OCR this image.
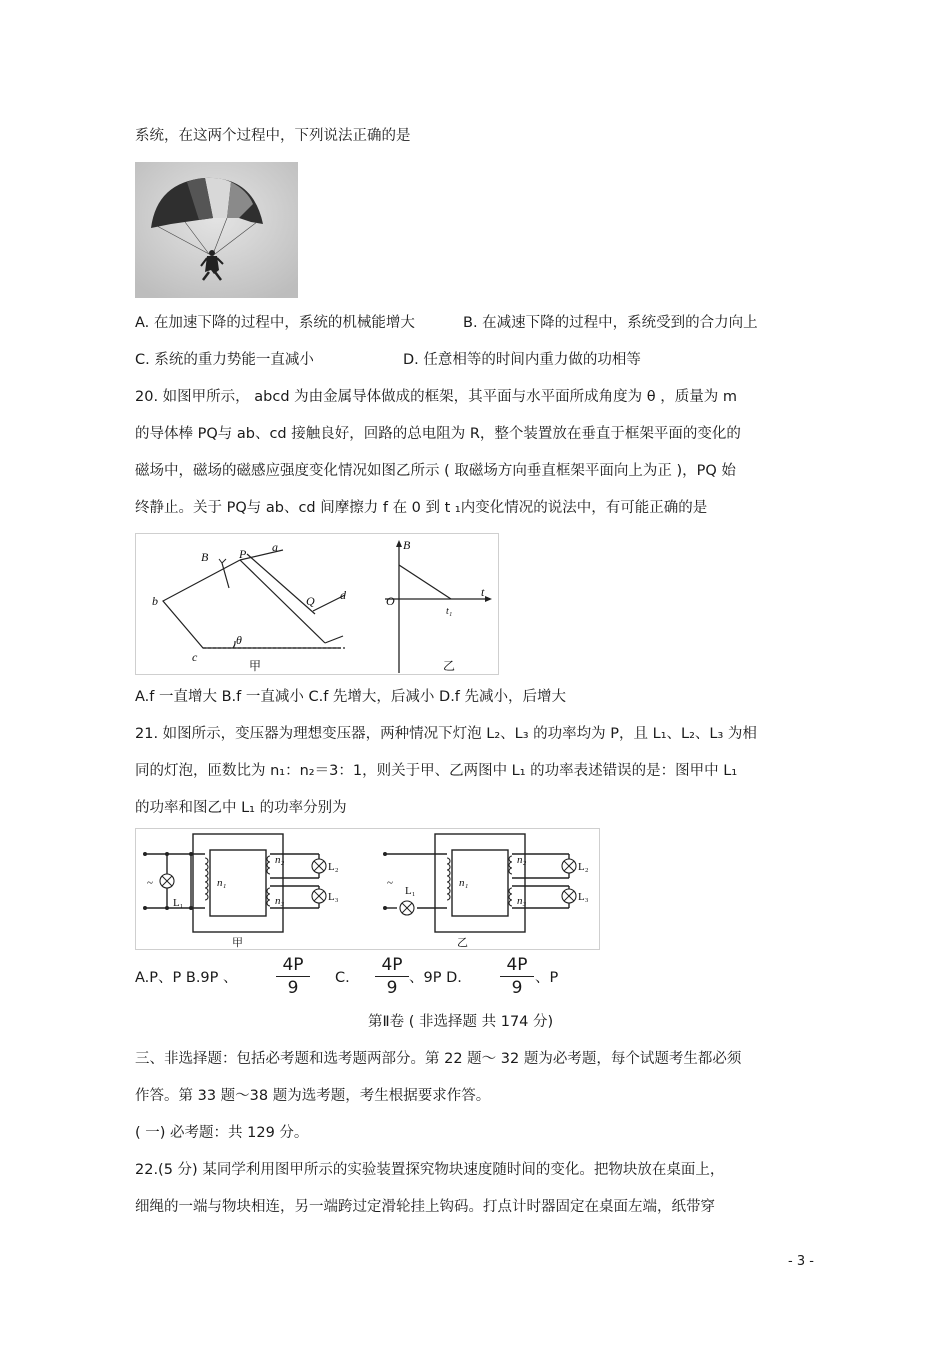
系统，在这两个过程中，下列说法正确的是
A. 在加速下降的过程中，系统的机械能增大	B. 在减速下降的过程中，系统受到的合力向上
C. 系统的重力势能一直减小	D. 任意相等的时间内重力做的功相等
20. 如图甲所示， abcd 为由金属导体做成的框架，其平面与水平面所成角度为 θ ，质量为 m
的导体棒 PQ与 ab、cd 接触良好，回路的总电阻为 R，整个装置放在垂直于框架平面的变化的
磁场中，磁场的磁感应强度变化情况如图乙所示 ( 取磁场方向垂直框架平面向上为正 )，PQ 始
终静止。关于 PQ与 ab、cd 间摩擦力 f 在 0 到 t ₁内变化情况的说法中，有可能正确的是
B	P a
b
c
d
Q
θ
甲
B
O
t
t₁
乙
A.f 一直增大 B.f 一直减小 C.f 先增大，后减小 D.f 先减小，后增大
21. 如图所示，变压器为理想变压器，两种情况下灯泡 L₂、L₃ 的功率均为 P，且 L₁、L₂、L₃ 为相
同的灯泡，匝数比为 n₁：n₂＝3：1，则关于甲、乙两图中 L₁ 的功率表述错误的是：图甲中 L₁
的功率和图乙中 L₁ 的功率分别为
~
L₁
n₁
n₂
n₃
L₂
L₃
甲
~
L₁
n₁
n₂
n₃
L₂
L₃
乙
A.P、P B.9P 、 $\frac{4P}{9} C$. $\frac{4P}{9}$ 、9P D. $\frac{4P}{9}$ 、P
第Ⅱ卷 ( 非选择题 共 174 分)
三、非选择题：包括必考题和选考题两部分。第 22 题～ 32 题为必考题，每个试题考生都必须
作答。第 33 题～38 题为选考题，考生根据要求作答。
( 一) 必考题：共 129 分。
22.(5 分) 某同学利用图甲所示的实验装置探究物块速度随时间的变化。把物块放在桌面上，
细绳的一端与物块相连，另一端跨过定滑轮挂上钩码。打点计时器固定在桌面左端，纸带穿
- 3 -
